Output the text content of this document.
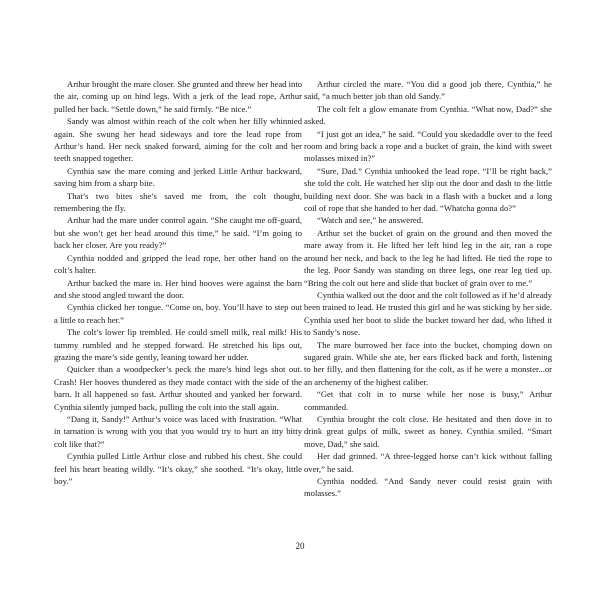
Arthur brought the mare closer. She grunted and threw her head into the air, coming up on hind legs. With a jerk of the lead rope, Arthur pulled her back. “Settle down,” he said firmly. “Be nice.”

Sandy was almost within reach of the colt when her filly whinnied again. She swung her head sideways and tore the lead rope from Arthur’s hand. Her neck snaked forward, aiming for the colt and her teeth snapped together.

Cynthia saw the mare coming and jerked Little Arthur backward, saving him from a sharp bite.

That’s two bites she’s saved me from, the colt thought, remembering the fly.

Arthur had the mare under control again. “She caught me off-guard, but she won’t get her head around this time,” he said. “I’m going to back her closer. Are you ready?”

Cynthia nodded and gripped the lead rope, her other hand on the colt’s halter.

Arthur backed the mare in. Her hind hooves were against the barn and she stood angled toward the door.

Cynthia clicked her tongue. “Come on, boy. You’ll have to step out a little to reach her.”

The colt’s lower lip trembled. He could smell milk, real milk! His tummy rumbled and he stepped forward. He stretched his lips out, grazing the mare’s side gently, leaning toward her udder.

Quicker than a woodpecker’s peck the mare’s hind legs shot out. Crash! Her hooves thundered as they made contact with the side of the barn. It all happened so fast. Arthur shouted and yanked her forward. Cynthia silently jumped back, pulling the colt into the stall again.

“Dang it, Sandy!” Arthur’s voice was laced with frustration. “What in tarnation is wrong with you that you would try to hurt an itty bitty colt like that?”

Cynthia pulled Little Arthur close and rubbed his chest. She could feel his heart beating wildly. “It’s okay,” she soothed. “It’s okay, little boy.”

Arthur circled the mare. “You did a good job there, Cynthia,” he said, “a much better job than old Sandy.”

The colt felt a glow emanate from Cynthia. “What now, Dad?” she asked.

“I just got an idea,” he said. “Could you skedaddle over to the feed room and bring back a rope and a bucket of grain, the kind with sweet molasses mixed in?”

“Sure, Dad.” Cynthia unhooked the lead rope. “I’ll be right back,” she told the colt. He watched her slip out the door and dash to the little building next door. She was back in a flash with a bucket and a long coil of rope that she handed to her dad. “Whatcha gonna do?”

“Watch and see,” he answered.

Arthur set the bucket of grain on the ground and then moved the mare away from it. He lifted her left hind leg in the air, ran a rope around her neck, and back to the leg he had lifted. He tied the rope to the leg. Poor Sandy was standing on three legs, one rear leg tied up. “Bring the colt out here and slide that bucket of grain over to me.”

Cynthia walked out the door and the colt followed as if he’d already been trained to lead. He trusted this girl and he was sticking by her side. Cynthia used her boot to slide the bucket toward her dad, who lifted it to Sandy’s nose.

The mare burrowed her face into the bucket, chomping down on sugared grain. While she ate, her ears flicked back and forth, listening to her filly, and then flattening for the colt, as if he were a monster...or an archenemy of the highest caliber.

“Get that colt in to nurse while her nose is busy,” Arthur commanded.

Cynthia brought the colt close. He hesitated and then dove in to drink great gulps of milk, sweet as honey. Cynthia smiled. “Smart move, Dad,” she said.

Her dad grinned. “A three-legged horse can’t kick without falling over,” he said.

Cynthia nodded. “And Sandy never could resist grain with molasses.”

20
